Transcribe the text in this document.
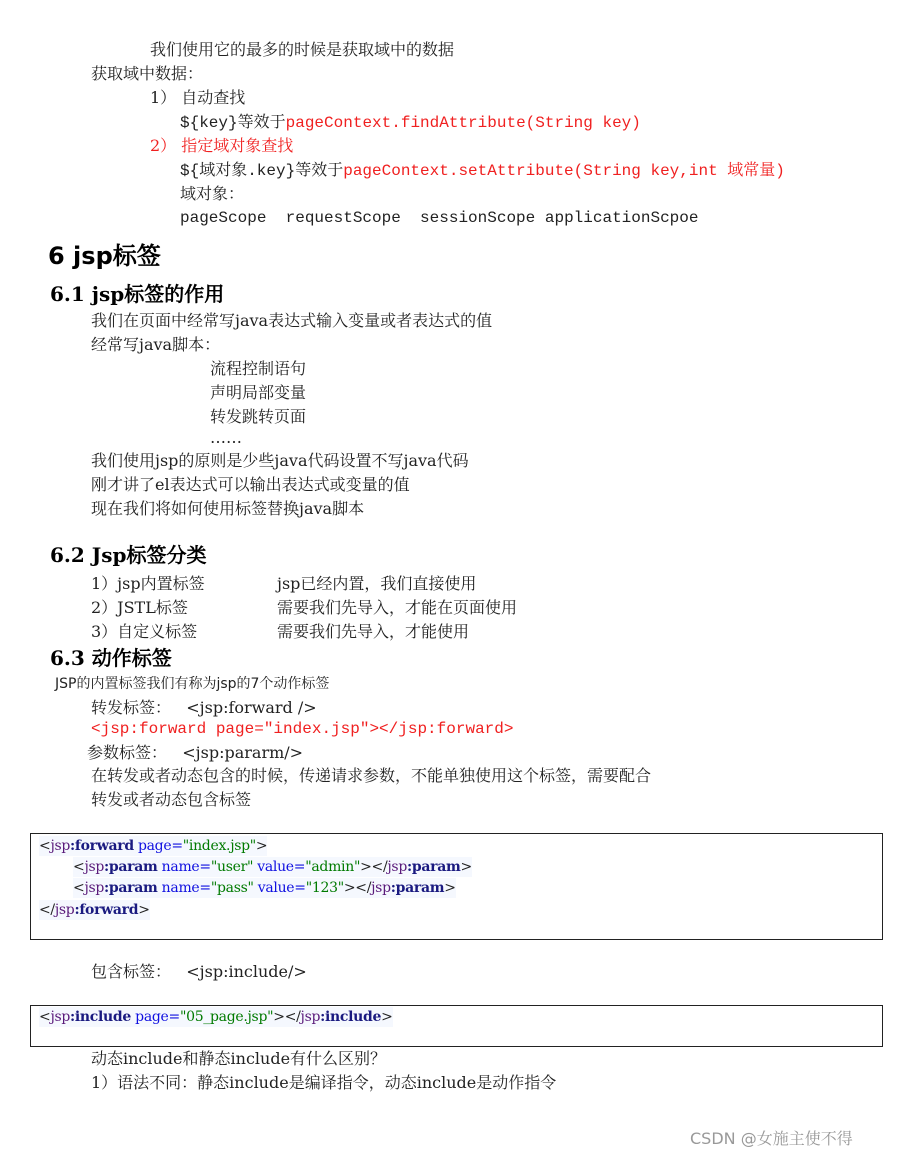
我们使用它的最多的时候是获取域中的数据
获取域中数据：
1） 自动查找
${key}等效于pageContext.findAttribute(String key)
2） 指定域对象查找
${域对象.key}等效于pageContext.setAttribute(String key,int 域常量)
域对象：
pageScope  requestScope  sessionScope applicationScpoe
6 jsp标签
6.1 jsp标签的作用
我们在页面中经常写java表达式输入变量或者表达式的值
经常写java脚本：
流程控制语句
声明局部变量
转发跳转页面
……
我们使用jsp的原则是少些java代码设置不写java代码
刚才讲了el表达式可以输出表达式或变量的值
现在我们将如何使用标签替换java脚本
6.2 Jsp标签分类
1）jsp内置标签	jsp已经内置，我们直接使用
2）JSTL标签	需要我们先导入，才能在页面使用
3）自定义标签	需要我们先导入，才能使用
6.3 动作标签
JSP的内置标签我们有称为jsp的7个动作标签
转发标签：   <jsp:forward />
<jsp:forward page="index.jsp"></jsp:forward>
参数标签：   <jsp:pararm/>
在转发或者动态包含的时候，传递请求参数，不能单独使用这个标签，需要配合
转发或者动态包含标签
<jsp:forward page="index.jsp">
<jsp:param name="user" value="admin"></jsp:param>
<jsp:param name="pass" value="123"></jsp:param>
</jsp:forward>
包含标签：   <jsp:include/>
<jsp:include page="05_page.jsp"></jsp:include>
动态include和静态include有什么区别？
1）语法不同：静态include是编译指令，动态include是动作指令
CSDN @女施主使不得
